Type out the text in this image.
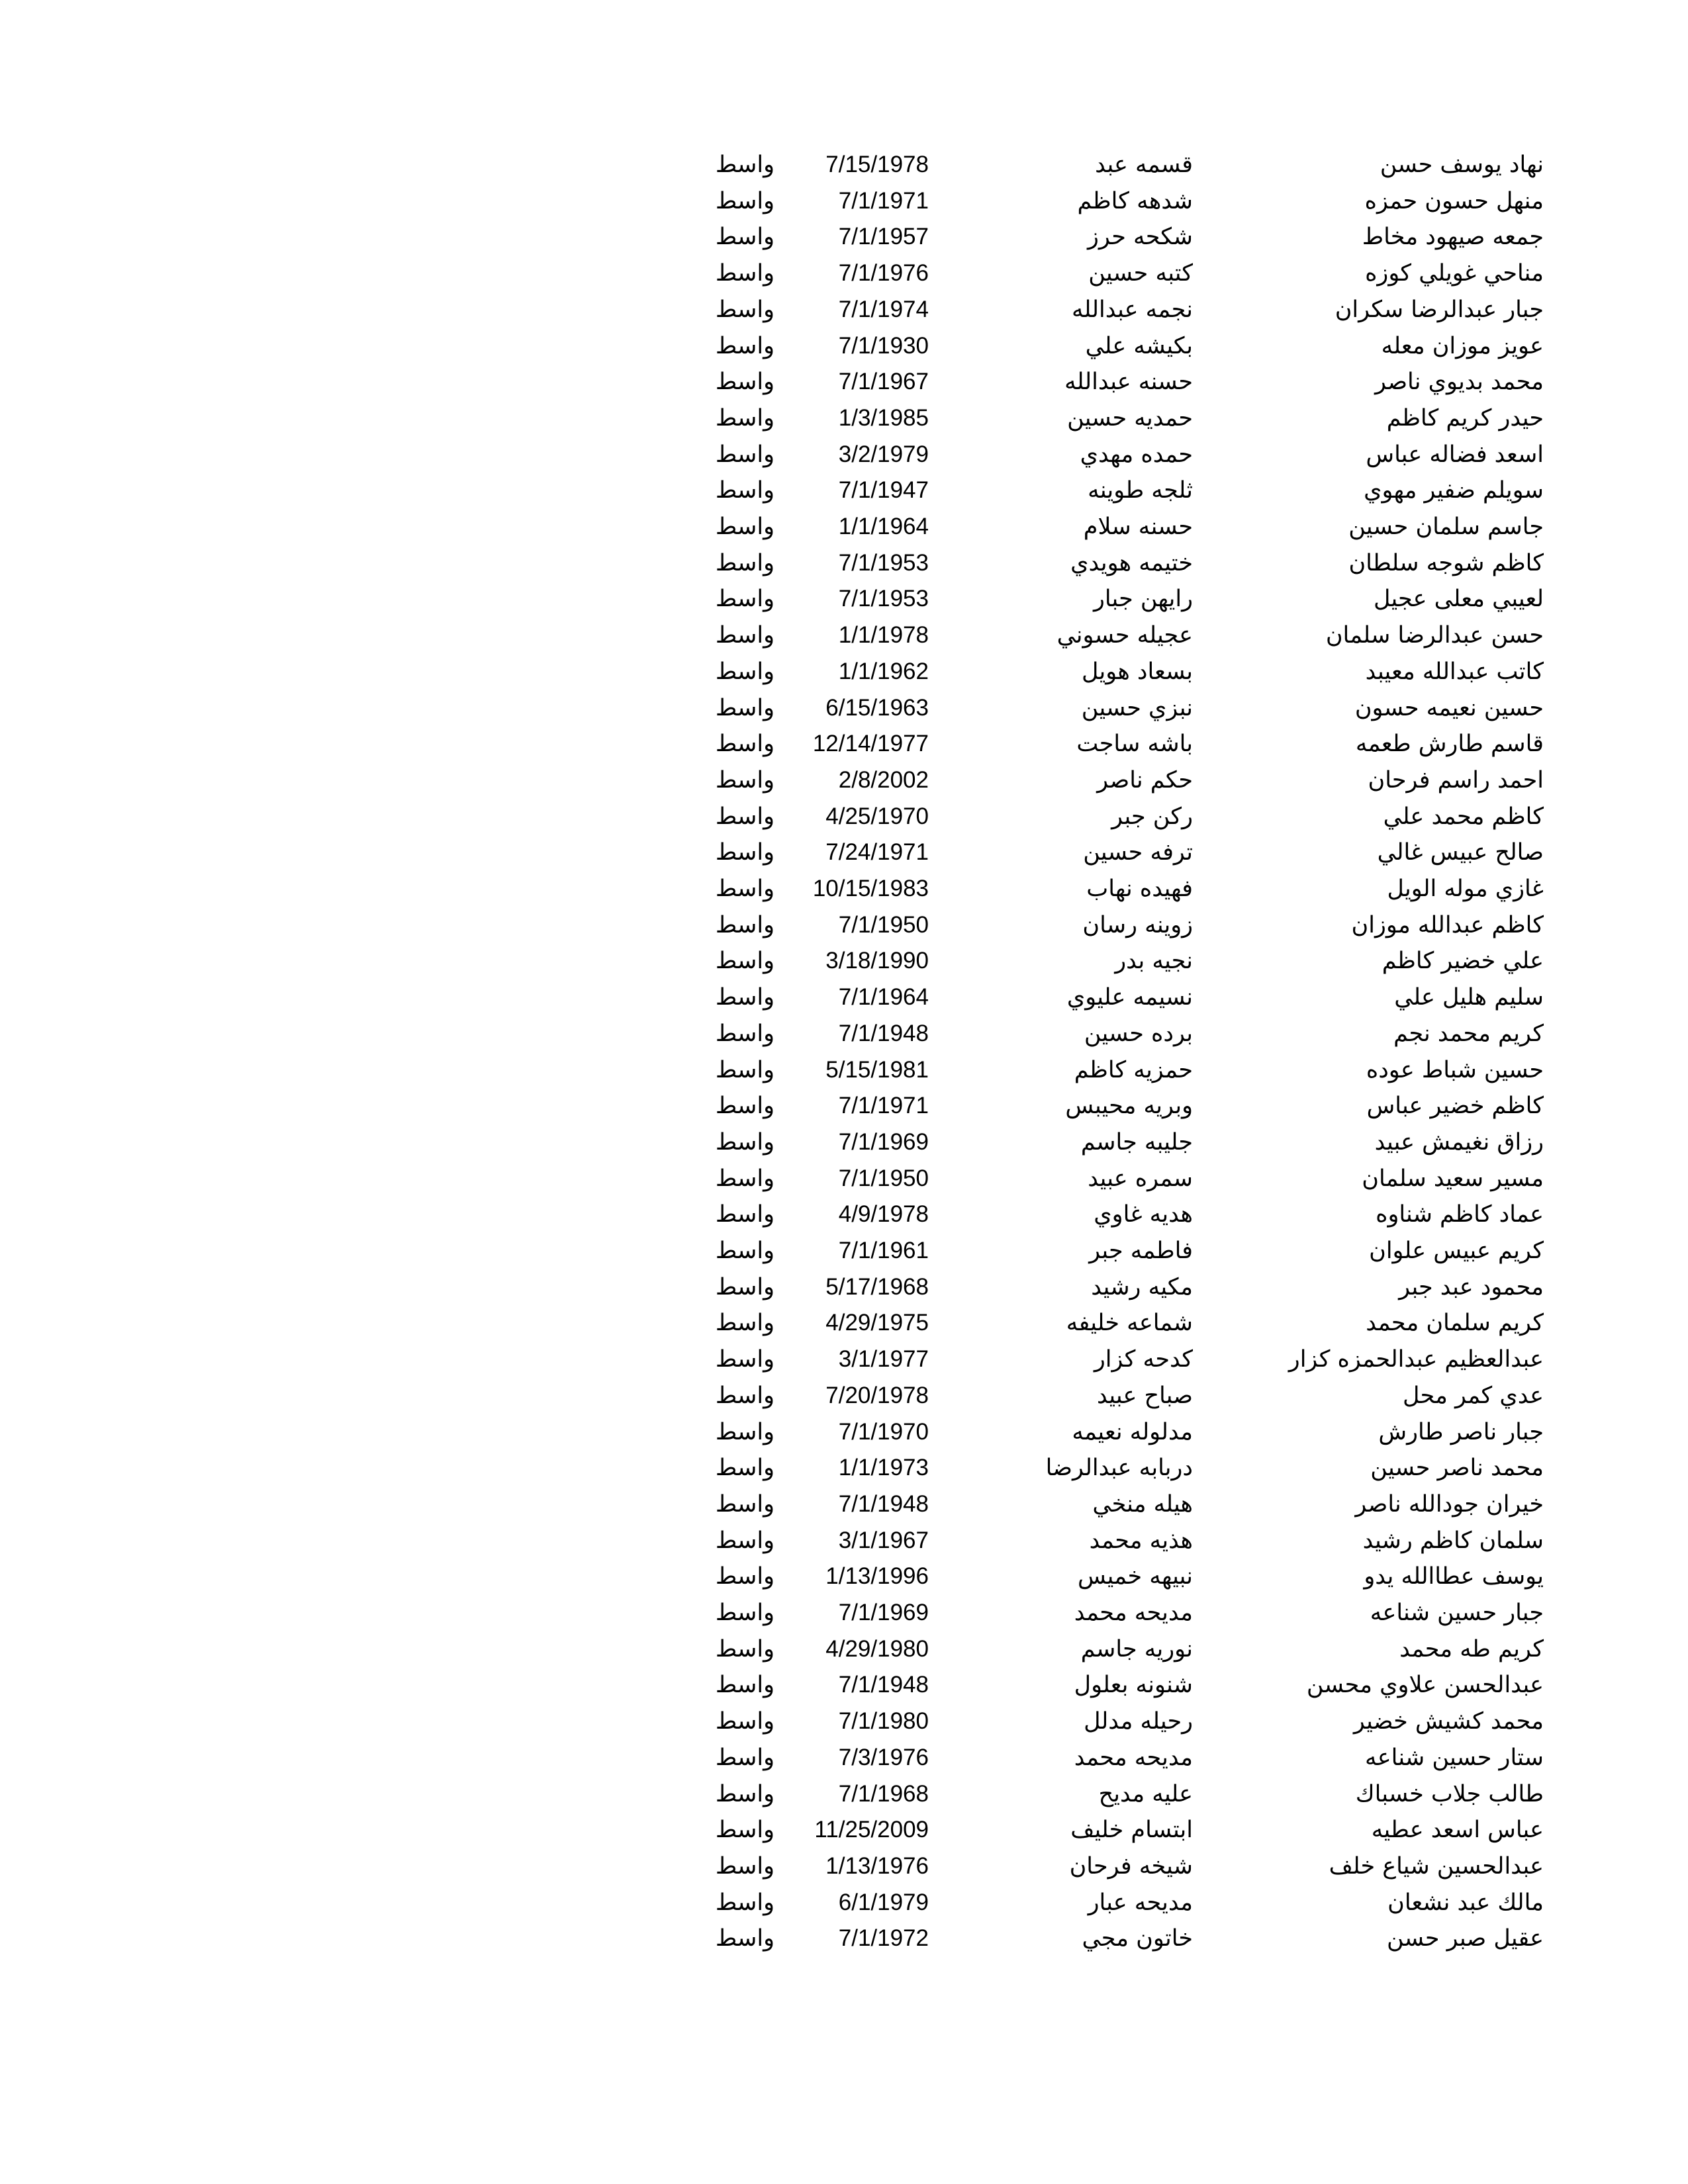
نهاد يوسف حسن
قسمه عبد
7/15/1978
واسط
منهل حسون حمزه
شدهه كاظم
7/1/1971
واسط
جمعه صيهود مخاط
شكحه حرز
7/1/1957
واسط
مناحي غويلي كوزه
كتبه حسين
7/1/1976
واسط
جبار عبدالرضا سكران
نجمه عبدالله
7/1/1974
واسط
عويز موزان معله
بكيشه علي
7/1/1930
واسط
محمد بديوي ناصر
حسنه عبدالله
7/1/1967
واسط
حيدر كريم كاظم
حمديه حسين
1/3/1985
واسط
اسعد فضاله عباس
حمده مهدي
3/2/1979
واسط
سويلم ضفير مهوي
ثلجه طوينه
7/1/1947
واسط
جاسم سلمان حسين
حسنه سلام
1/1/1964
واسط
كاظم شوجه سلطان
ختيمه هويدي
7/1/1953
واسط
لعيبي معلى عجيل
رايهن جبار
7/1/1953
واسط
حسن عبدالرضا سلمان
عجيله حسوني
1/1/1978
واسط
كاتب عبدالله معيبد
بسعاد هويل
1/1/1962
واسط
حسين نعيمه حسون
نبزي حسين
6/15/1963
واسط
قاسم طارش طعمه
باشه ساجت
12/14/1977
واسط
احمد راسم فرحان
حكم ناصر
2/8/2002
واسط
كاظم محمد علي
ركن جبر
4/25/1970
واسط
صالح عبيس غالي
ترفه حسين
7/24/1971
واسط
غازي موله الويل
فهيده نهاب
10/15/1983
واسط
كاظم عبدالله موزان
زوينه رسان
7/1/1950
واسط
علي خضير كاظم
نجيه بدر
3/18/1990
واسط
سليم هليل علي
نسيمه عليوي
7/1/1964
واسط
كريم محمد نجم
برده حسين
7/1/1948
واسط
حسين شباط عوده
حمزيه كاظم
5/15/1981
واسط
كاظم خضير عباس
وبريه محيبس
7/1/1971
واسط
رزاق نغيمش عبيد
جليبه جاسم
7/1/1969
واسط
مسير سعيد سلمان
سمره عبيد
7/1/1950
واسط
عماد كاظم شناوه
هديه غاوي
4/9/1978
واسط
كريم عبيس علوان
فاطمه جبر
7/1/1961
واسط
محمود عبد جبر
مكيه رشيد
5/17/1968
واسط
كريم سلمان محمد
شماعه خليفه
4/29/1975
واسط
عبدالعظيم عبدالحمزه كزار
كدحه كزار
3/1/1977
واسط
عدي كمر محل
صباح عبيد
7/20/1978
واسط
جبار ناصر طارش
مدلوله نعيمه
7/1/1970
واسط
محمد ناصر حسين
دربابه عبدالرضا
1/1/1973
واسط
خيران جودالله ناصر
هيله منخي
7/1/1948
واسط
سلمان كاظم رشيد
هذيه محمد
3/1/1967
واسط
يوسف عطاالله يدو
نبيهه خميس
1/13/1996
واسط
جبار حسين شناعه
مديحه محمد
7/1/1969
واسط
كريم طه محمد
نوريه جاسم
4/29/1980
واسط
عبدالحسن علاوي محسن
شنونه بعلول
7/1/1948
واسط
محمد كشيش خضير
رحيله مدلل
7/1/1980
واسط
ستار حسين شناعه
مديحه محمد
7/3/1976
واسط
طالب جلاب خسباك
عليه مديح
7/1/1968
واسط
عباس اسعد عطيه
ابتسام خليف
11/25/2009
واسط
عبدالحسين شياع خلف
شيخه فرحان
1/13/1976
واسط
مالك عبد نشعان
مديحه عبار
6/1/1979
واسط
عقيل صبر حسن
خاتون مجي
7/1/1972
واسط
